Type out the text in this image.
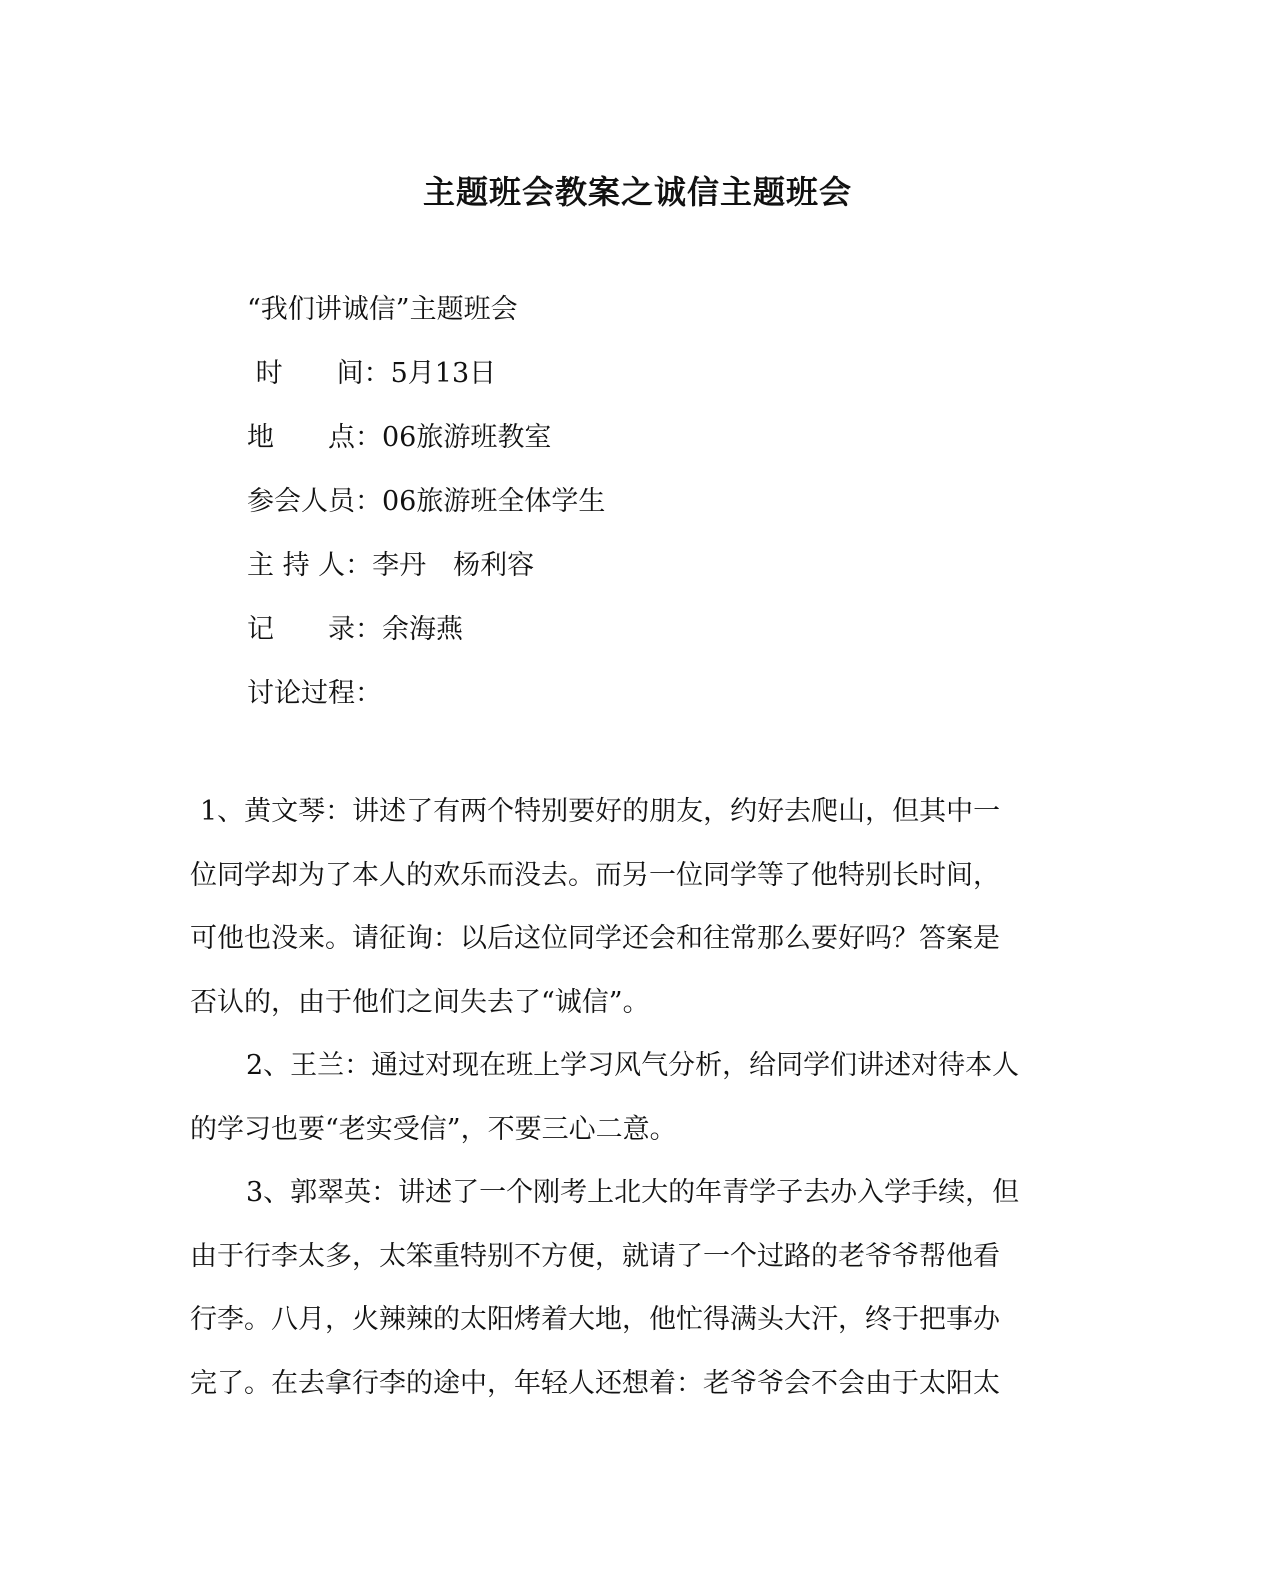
主题班会教案之诚信主题班会
“我们讲诚信”主题班会
时　　间：5月13日
地　　点：06旅游班教室
参会人员：06旅游班全体学生
主 持 人：李丹　杨利容
记　　录：余海燕
讨论过程：
1、黄文琴：讲述了有两个特别要好的朋友，约好去爬山，但其中一
位同学却为了本人的欢乐而没去。而另一位同学等了他特别长时间，
可他也没来。请征询：以后这位同学还会和往常那么要好吗？答案是
否认的，由于他们之间失去了“诚信”。
2、王兰：通过对现在班上学习风气分析，给同学们讲述对待本人
的学习也要“老实受信”，不要三心二意。
3、郭翠英：讲述了一个刚考上北大的年青学子去办入学手续，但
由于行李太多，太笨重特别不方便，就请了一个过路的老爷爷帮他看
行李。八月，火辣辣的太阳烤着大地，他忙得满头大汗，终于把事办
完了。在去拿行李的途中，年轻人还想着：老爷爷会不会由于太阳太
